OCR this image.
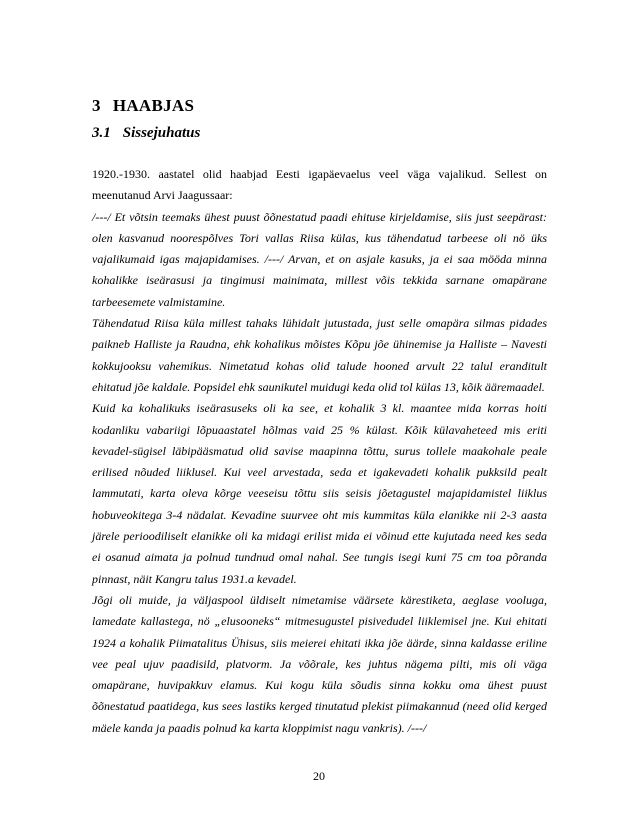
3 HAABJAS
3.1 Sissejuhatus

1920.-1930. aastatel olid haabjad Eesti igapäevaelus veel väga vajalikud. Sellest on meenutanud Arvi Jaagussaar:

/---/ Et võtsin teemaks ühest puust õõnestatud paadi ehituse kirjeldamise, siis just seepärast: olen kasvanud noorespõlves Tori vallas Riisa külas, kus tähendatud tarbeese oli nö üks vajalikumaid igas majapidamises. /---/ Arvan, et on asjale kasuks, ja ei saa mööda minna kohalikke iseärasusi ja tingimusi mainimata, millest võis tekkida sarnane omapärane tarbeesemete valmistamine.

Tähendatud Riisa küla millest tahaks lühidalt jutustada, just selle omapära silmas pidades paikneb Halliste ja Raudna, ehk kohalikus mõistes Kõpu jõe ühinemise ja Halliste – Navesti kokkujooksu vahemikus. Nimetatud kohas olid talude hooned arvult 22 talul eranditult ehitatud jõe kaldale. Popsidel ehk saunikutel muidugi keda olid tol külas 13, kõik ääremaadel.

Kuid ka kohalikuks iseärasuseks oli ka see, et kohalik 3 kl. maantee mida korras hoiti kodanliku vabariigi lõpuaastatel hõlmas vaid 25 % külast. Kõik külavaheteed mis eriti kevadel-sügisel läbipääsmatud olid savise maapinna tõttu, surus tollele maakohale peale erilised nõuded liiklusel. Kui veel arvestada, seda et igakevadeti kohalik pukksild pealt lammutati, karta oleva kõrge veeseisu tõttu siis seisis jõetagustel majapidamistel liiklus hobuveokitega 3-4 nädalat. Kevadine suurvee oht mis kummitas küla elanikke nii 2-3 aasta järele perioodiliselt elanikke oli ka midagi erilist mida ei võinud ette kujutada need kes seda ei osanud aimata ja polnud tundnud omal nahal. See tungis isegi kuni 75 cm toa põranda pinnast, näit Kangru talus 1931.a kevadel.

Jõgi oli muide, ja väljaspool üldiselt nimetamise väärsete kärestiketa, aeglase vooluga, lamedate kallastega, nö „elusooneks“ mitmesugustel pisivedudel liiklemisel jne. Kui ehitati 1924 a kohalik Piimatalitus Ühisus, siis meierei ehitati ikka jõe äärde, sinna kaldasse eriline vee peal ujuv paadisild, platvorm. Ja võõrale, kes juhtus nägema pilti, mis oli väga omapärane, huvipakkuv elamus. Kui kogu küla sõudis sinna kokku oma ühest puust õõnestatud paatidega, kus sees lastiks kerged tinutatud plekist piimakannud (need olid kerged mäele kanda ja paadis polnud ka karta kloppimist nagu vankris). /---/

20
